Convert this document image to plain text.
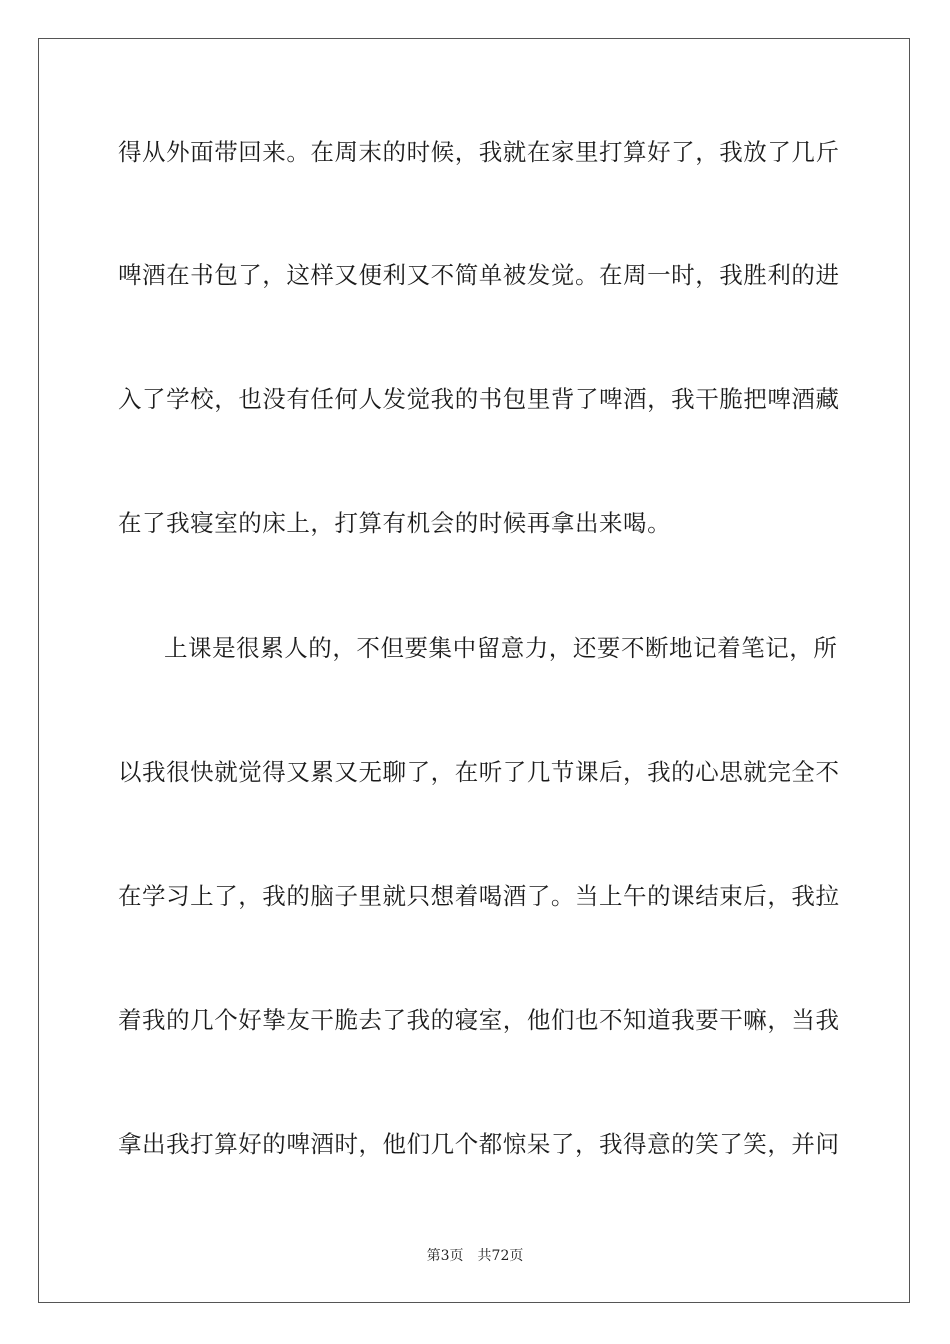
得从外面带回来。在周末的时候，我就在家里打算好了，我放了几斤
啤酒在书包了，这样又便利又不简单被发觉。在周一时，我胜利的进
入了学校，也没有任何人发觉我的书包里背了啤酒，我干脆把啤酒藏
在了我寝室的床上，打算有机会的时候再拿出来喝。
上课是很累人的，不但要集中留意力，还要不断地记着笔记，所
以我很快就觉得又累又无聊了，在听了几节课后，我的心思就完全不
在学习上了，我的脑子里就只想着喝酒了。当上午的课结束后，我拉
着我的几个好挚友干脆去了我的寝室，他们也不知道我要干嘛，当我
拿出我打算好的啤酒时，他们几个都惊呆了，我得意的笑了笑，并问
第3页 共72页
